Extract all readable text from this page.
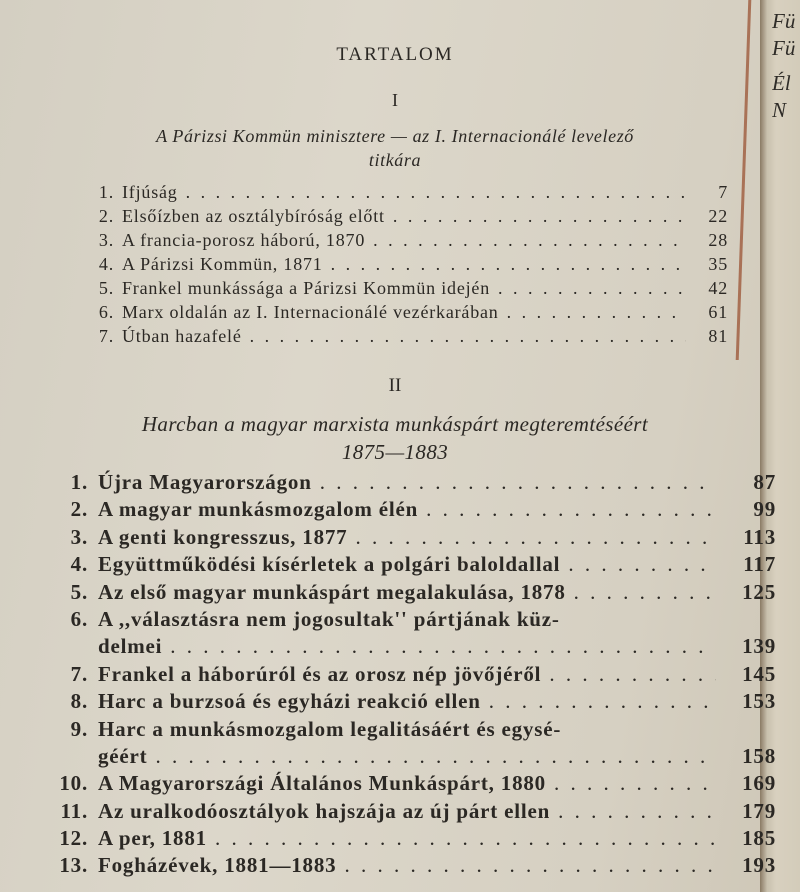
Fü
Fü
Él
N
TARTALOM
I
A Párizsi Kommün minisztere — az I. Internacionálé levelező
titkára
1. Ifjúság . . .	7
2. Elsőízben az osztálybíróság előtt . . .	22
3. A francia-porosz háború, 1870 . . .	28
4. A Párizsi Kommün, 1871 . . .	35
5. Frankel munkássága a Párizsi Kommün idején . . .	42
6. Marx oldalán az I. Internacionálé vezérkarában . . .	61
7. Útban hazafelé . . .	81
II
Harcban a magyar marxista munkáspárt megteremtéséért
1875—1883
1. Újra Magyarországon . . .	87
2. A magyar munkásmozgalom élén . . .	99
3. A genti kongresszus, 1877 . . .	113
4. Együttműködési kísérletek a polgári baloldallal . . .	117
5. Az első magyar munkáspárt megalakulása, 1878 . . .	125
6. A ,,választásra nem jogosultak'' pártjának küz-
delmei . . .	139
7. Frankel a háborúról és az orosz nép jövőjéről . . .	145
8. Harc a burzsoá és egyházi reakció ellen . . .	153
9. Harc a munkásmozgalom legalitásáért és egysé-
géért . . .	158
10. A Magyarországi Általános Munkáspárt, 1880 . . .	169
11. Az uralkodóosztályok hajszája az új párt ellen . . .	179
12. A per, 1881 . . .	185
13. Fogházévek, 1881—1883 . . .	193
